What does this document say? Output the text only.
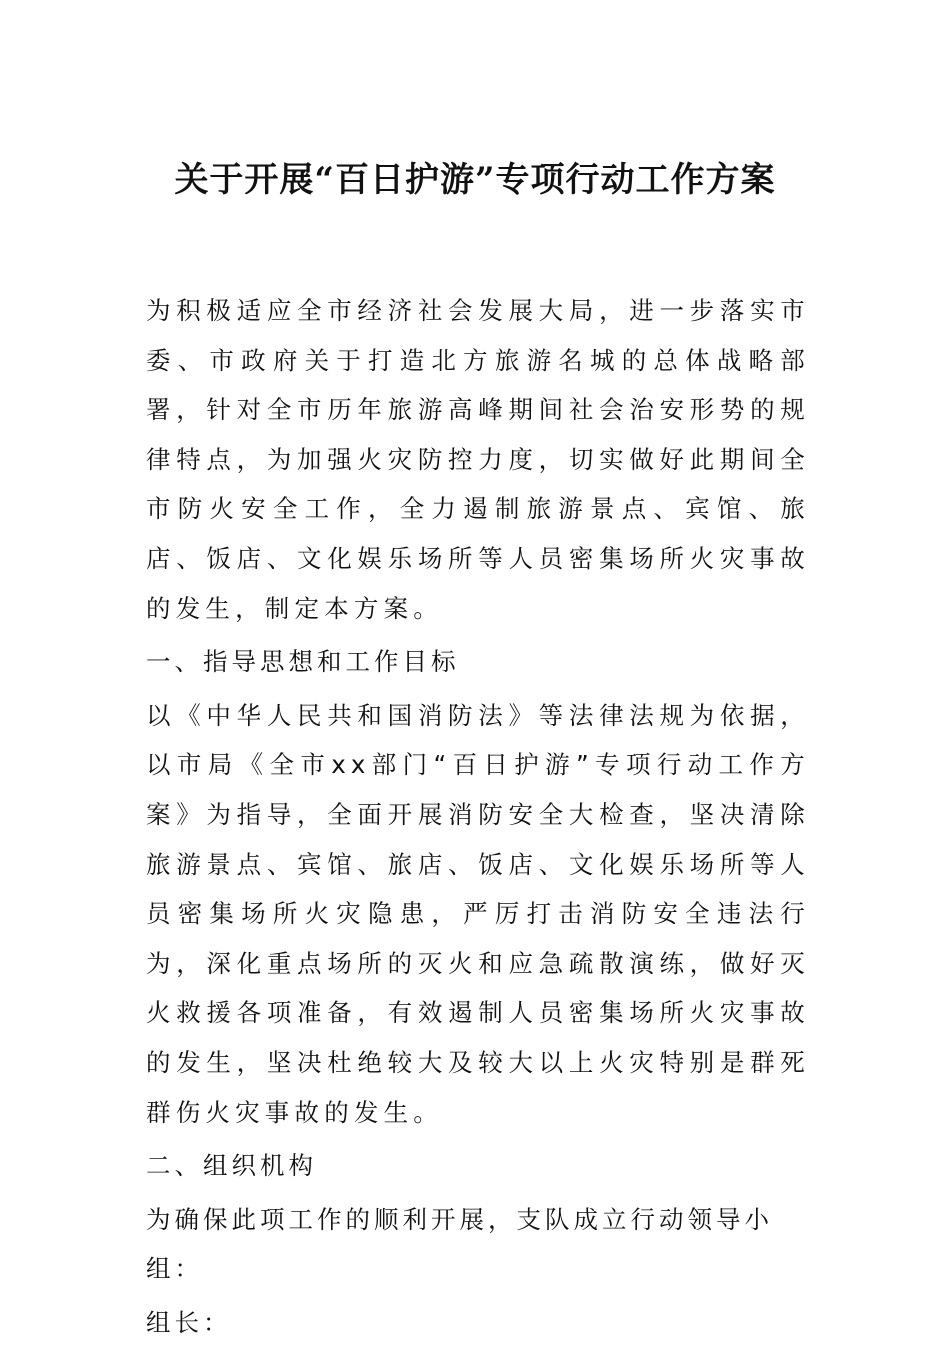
关于开展“百日护游”专项行动工作方案

为积极适应全市经济社会发展大局，进一步落实市委、市政府关于打造北方旅游名城的总体战略部署，针对全市历年旅游高峰期间社会治安形势的规律特点，为加强火灾防控力度，切实做好此期间全市防火安全工作，全力遏制旅游景点、宾馆、旅店、饭店、文化娱乐场所等人员密集场所火灾事故的发生，制定本方案。

一、指导思想和工作目标

以《中华人民共和国消防法》等法律法规为依据，以市局《全市xx部门“百日护游”专项行动工作方案》为指导，全面开展消防安全大检查，坚决清除旅游景点、宾馆、旅店、饭店、文化娱乐场所等人员密集场所火灾隐患，严厉打击消防安全违法行为，深化重点场所的灭火和应急疏散演练，做好灭火救援各项准备，有效遏制人员密集场所火灾事故的发生，坚决杜绝较大及较大以上火灾特别是群死群伤火灾事故的发生。

二、组织机构

为确保此项工作的顺利开展，支队成立行动领导小组：

组长：
